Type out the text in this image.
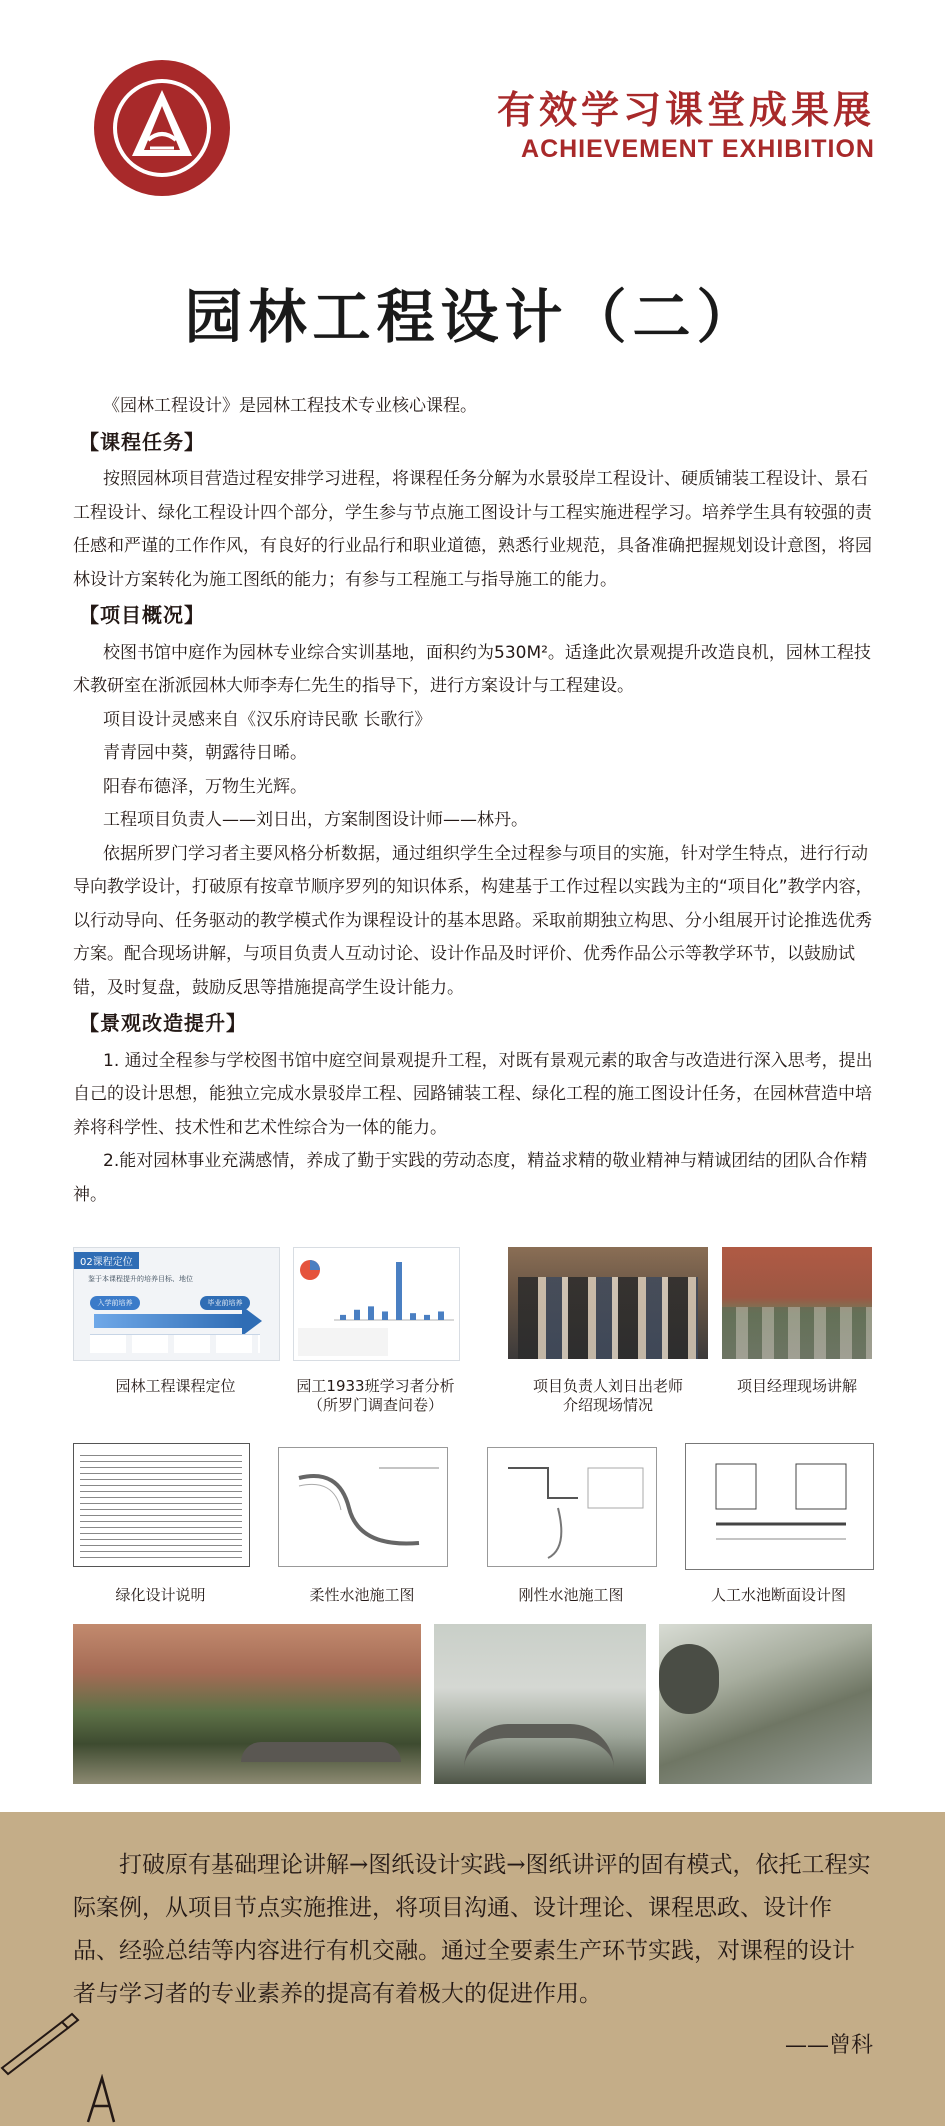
有效学习课堂成果展
ACHIEVEMENT EXHIBITION
园林工程设计（二）

《园林工程设计》是园林工程技术专业核心课程。

【课程任务】

按照园林项目营造过程安排学习进程，将课程任务分解为水景驳岸工程设计、硬质铺装工程设计、景石工程设计、绿化工程设计四个部分，学生参与节点施工图设计与工程实施进程学习。培养学生具有较强的责任感和严谨的工作作风，有良好的行业品行和职业道德，熟悉行业规范，具备准确把握规划设计意图，将园林设计方案转化为施工图纸的能力；有参与工程施工与指导施工的能力。

【项目概况】

校图书馆中庭作为园林专业综合实训基地，面积约为530M²。适逢此次景观提升改造良机，园林工程技术教研室在浙派园林大师李寿仁先生的指导下，进行方案设计与工程建设。

项目设计灵感来自《汉乐府诗民歌 长歌行》

青青园中葵，朝露待日晞。

阳春布德泽，万物生光辉。

工程项目负责人——刘日出，方案制图设计师——林丹。

依据所罗门学习者主要风格分析数据，通过组织学生全过程参与项目的实施，针对学生特点，进行行动导向教学设计，打破原有按章节顺序罗列的知识体系，构建基于工作过程以实践为主的“项目化”教学内容，以行动导向、任务驱动的教学模式作为课程设计的基本思路。采取前期独立构思、分小组展开讨论推选优秀方案。配合现场讲解，与项目负责人互动讨论、设计作品及时评价、优秀作品公示等教学环节，以鼓励试错，及时复盘，鼓励反思等措施提高学生设计能力。

【景观改造提升】

1. 通过全程参与学校图书馆中庭空间景观提升工程，对既有景观元素的取舍与改造进行深入思考，提出自己的设计思想，能独立完成水景驳岸工程、园路铺装工程、绿化工程的施工图设计任务，在园林营造中培养将科学性、技术性和艺术性综合为一体的能力。

2.能对园林事业充满感情，养成了勤于实践的劳动态度，精益求精的敬业精神与精诚团结的团队合作精神。

02课程定位
鉴于本课程提升的培养目标、地位
入学前培养	毕业前培养
园林工程课程定位	园工1933班学习者分析
（所罗门调查问卷）
项目负责人刘日出老师
介绍现场情况
项目经理现场讲解
绿化设计说明	柔性水池施工图	刚性水池施工图	人工水池断面设计图
打破原有基础理论讲解→图纸设计实践→图纸讲评的固有模式，依托工程实际案例，从项目节点实施推进，将项目沟通、设计理论、课程思政、设计作品、经验总结等内容进行有机交融。通过全要素生产环节实践，对课程的设计者与学习者的专业素养的提高有着极大的促进作用。
——曾科
